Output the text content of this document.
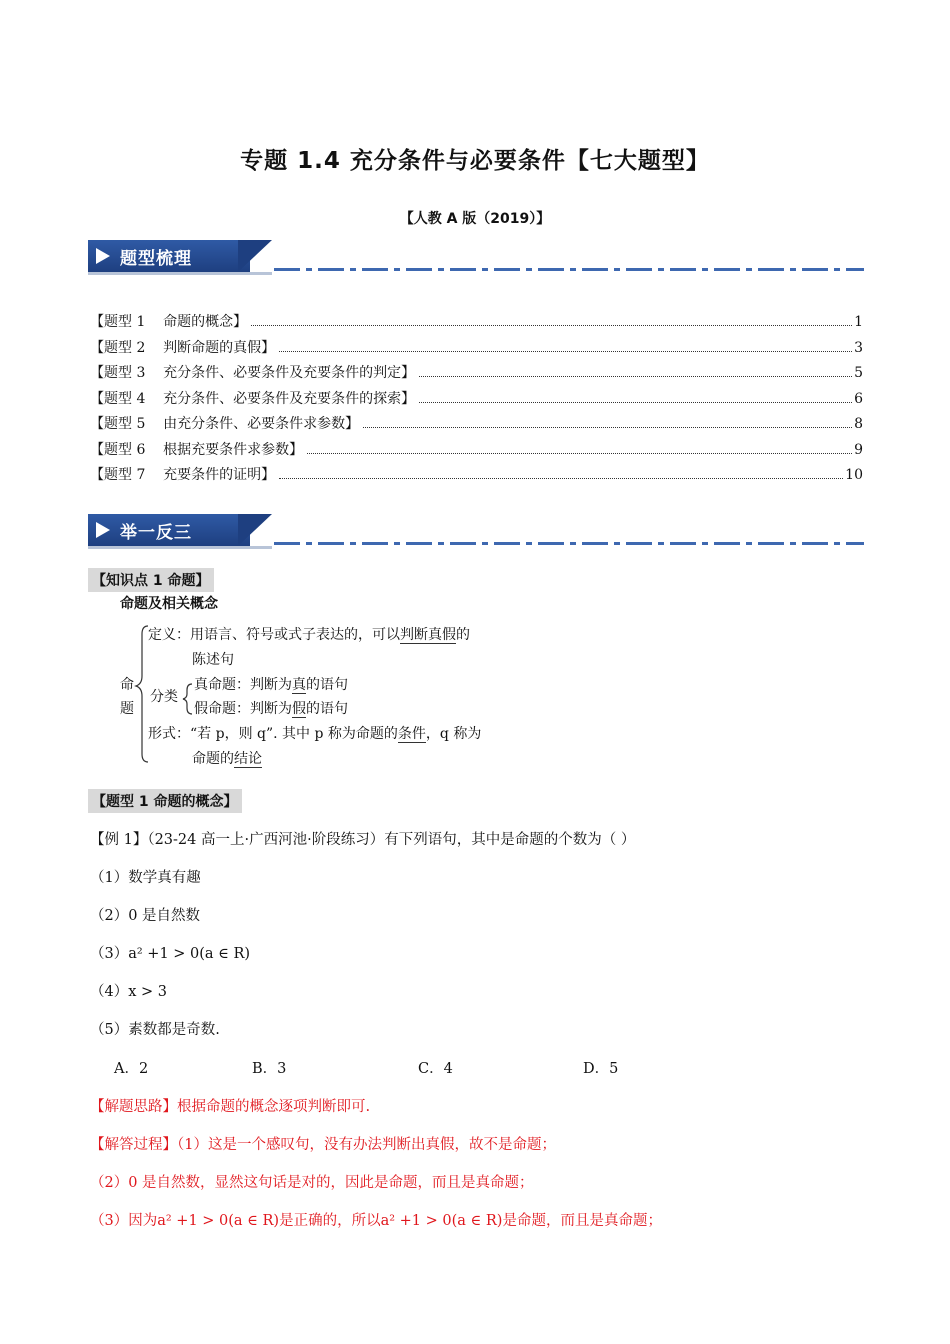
专题 1.4 充分条件与必要条件【七大题型】
【人教 A 版（2019）】
题型梳理
【题型 1    命题的概念】	1
【题型 2    判断命题的真假】	3
【题型 3    充分条件、必要条件及充要条件的判定】	5
【题型 4    充分条件、必要条件及充要条件的探索】	6
【题型 5    由充分条件、必要条件求参数】	8
【题型 6    根据充要条件求参数】	9
【题型 7    充要条件的证明】	10
举一反三
【知识点 1 命题】
命题及相关概念
命
题
定义：用语言、符号或式子表达的，可以判断真假的
陈述句
分类
真命题：判断为真的语句
假命题：判断为假的语句
形式：“若 p，则 q”. 其中 p 称为命题的条件，q 称为
命题的结论
【题型 1 命题的概念】
【例 1】（23-24 高一上·广西河池·阶段练习）有下列语句，其中是命题的个数为（ ）
（1）数学真有趣
（2）0 是自然数
（3）a² +1 > 0(a ∈ R)
（4）x > 3
（5）素数都是奇数.
A．2	B．3	C．4	D．5
【解题思路】根据命题的概念逐项判断即可.
【解答过程】（1）这是一个感叹句，没有办法判断出真假，故不是命题；
（2）0 是自然数，显然这句话是对的，因此是命题，而且是真命题；
（3）因为a² +1 > 0(a ∈ R)是正确的，所以a² +1 > 0(a ∈ R)是命题，而且是真命题；
